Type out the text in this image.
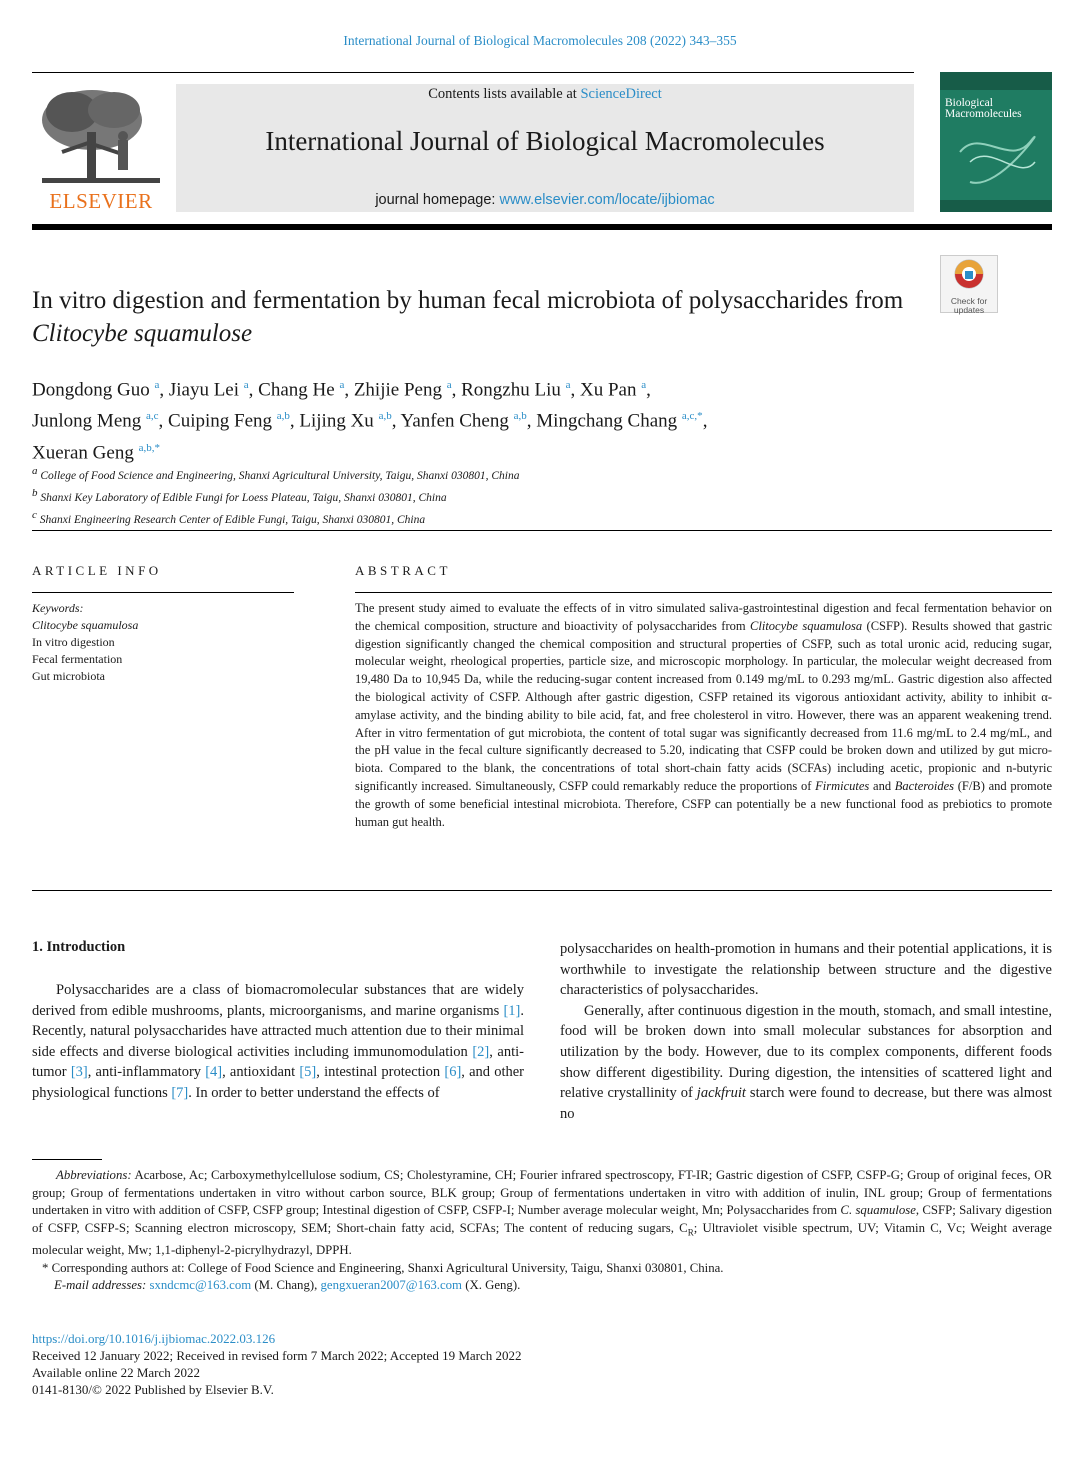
International Journal of Biological Macromolecules 208 (2022) 343–355
ELSEVIER
Contents lists available at ScienceDirect
International Journal of Biological Macromolecules
journal homepage: www.elsevier.com/locate/ijbiomac
Biological Macromolecules
Check for updates
In vitro digestion and fermentation by human fecal microbiota of polysaccharides from Clitocybe squamulose
Dongdong Guo $^a$, Jiayu Lei $^a$, Chang He $^a$, Zhijie Peng $^a$, Rongzhu Liu $^a$, Xu Pan $^a$,
Junlong Meng $^{a,c}$, Cuiping Feng $^{a,b}$, Lijing Xu $^{a,b}$, Yanfen Cheng $^{a,b}$, Mingchang Chang $^{a,c,*}$,
Xueran Geng $^{a,b,*}$
$^a$ College of Food Science and Engineering, Shanxi Agricultural University, Taigu, Shanxi 030801, China
$^b$ Shanxi Key Laboratory of Edible Fungi for Loess Plateau, Taigu, Shanxi 030801, China
$^c$ Shanxi Engineering Research Center of Edible Fungi, Taigu, Shanxi 030801, China
ARTICLE INFO	ABSTRACT
Keywords:
Clitocybe squamulosa
In vitro digestion
Fecal fermentation
Gut microbiota
The present study aimed to evaluate the effects of in vitro simulated saliva-gastrointestinal digestion and fecal fermentation behavior on the chemical composition, structure and bioactivity of polysaccharides from Clitocybe squamulosa (CSFP). Results showed that gastric digestion significantly changed the chemical composition and structural properties of CSFP, such as total uronic acid, reducing sugar, molecular weight, rheological properties, particle size, and microscopic morphology. In particular, the molecular weight decreased from 19,480 Da to 10,945 Da, while the reducing-sugar content increased from 0.149 mg/mL to 0.293 mg/mL. Gastric digestion also affected the biological activity of CSFP. Although after gastric digestion, CSFP retained its vigorous antioxidant activity, ability to inhibit α-amylase activity, and the binding ability to bile acid, fat, and free cholesterol in vitro. However, there was an apparent weakening trend. After in vitro fermentation of gut microbiota, the content of total sugar was significantly decreased from 11.6 mg/mL to 2.4 mg/mL, and the pH value in the fecal culture significantly decreased to 5.20, indicating that CSFP could be broken down and utilized by gut microbiota. Compared to the blank, the concentrations of total short-chain fatty acids (SCFAs) including acetic, propionic and n-butyric significantly increased. Simultaneously, CSFP could remarkably reduce the proportions of Firmicutes and Bacteroides (F/B) and promote the growth of some beneficial intestinal microbiota. Therefore, CSFP can potentially be a new functional food as prebiotics to promote human gut health.
1. Introduction

Polysaccharides are a class of biomacromolecular substances that are widely derived from edible mushrooms, plants, microorganisms, and marine organisms [1]. Recently, natural polysaccharides have attracted much attention due to their minimal side effects and diverse biological activities including immunomodulation [2], anti-tumor [3], anti-inflammatory [4], antioxidant [5], intestinal protection [6], and other physiological functions [7]. In order to better understand the effects of

polysaccharides on health-promotion in humans and their potential applications, it is worthwhile to investigate the relationship between structure and the digestive characteristics of polysaccharides.

Generally, after continuous digestion in the mouth, stomach, and small intestine, food will be broken down into small molecular substances for absorption and utilization by the body. However, due to its complex components, different foods show different digestibility. During digestion, the intensities of scattered light and relative crystallinity of jackfruit starch were found to decrease, but there was almost no

Abbreviations: Acarbose, Ac; Carboxymethylcellulose sodium, CS; Cholestyramine, CH; Fourier infrared spectroscopy, FT-IR; Gastric digestion of CSFP, CSFP-G; Group of original feces, OR group; Group of fermentations undertaken in vitro without carbon source, BLK group; Group of fermentations undertaken in vitro with addition of inulin, INL group; Group of fermentations undertaken in vitro with addition of CSFP, CSFP group; Intestinal digestion of CSFP, CSFP-I; Number average molecular weight, Mn; Polysaccharides from C. squamulose, CSFP; Salivary digestion of CSFP, CSFP-S; Scanning electron microscopy, SEM; Short-chain fatty acid, SCFAs; The content of reducing sugars, $C_R$; Ultraviolet visible spectrum, UV; Vitamin C, Vc; Weight average molecular weight, Mw; 1,1-diphenyl-2-picrylhydrazyl, DPPH.

* Corresponding authors at: College of Food Science and Engineering, Shanxi Agricultural University, Taigu, Shanxi 030801, China.

E-mail addresses: sxndcmc@163.com (M. Chang), gengxueran2007@163.com (X. Geng).

https://doi.org/10.1016/j.ijbiomac.2022.03.126
Received 12 January 2022; Received in revised form 7 March 2022; Accepted 19 March 2022
Available online 22 March 2022
0141-8130/© 2022 Published by Elsevier B.V.
